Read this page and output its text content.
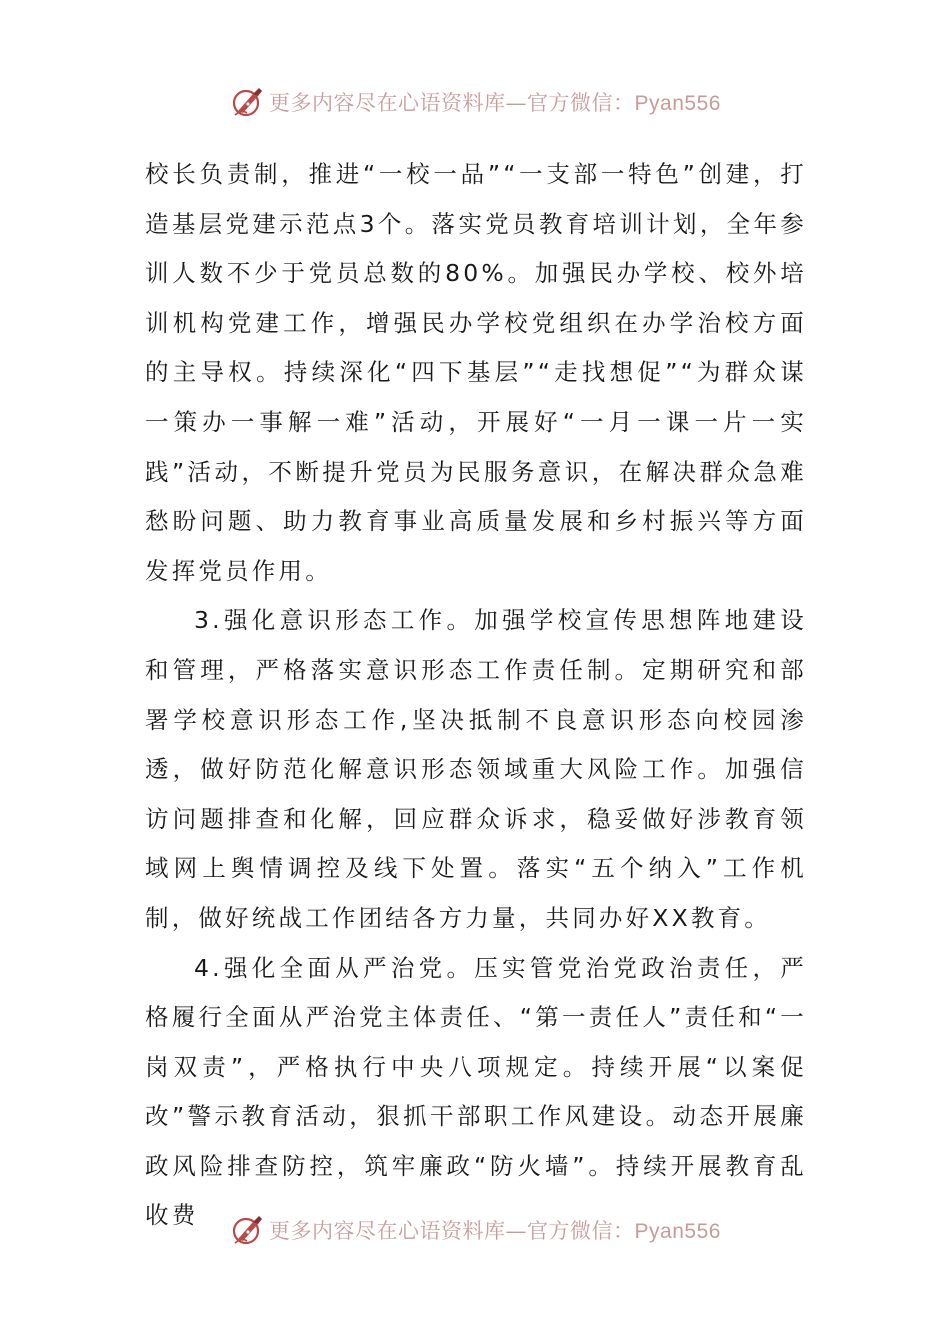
更多内容尽在心语资料库—官方微信：Pyan556

校长负责制，推进“一校一品”“一支部一特色”创建，打造基层党建示范点3个。落实党员教育培训计划，全年参训人数不少于党员总数的80%。加强民办学校、校外培训机构党建工作，增强民办学校党组织在办学治校方面的主导权。持续深化“四下基层”“走找想促”“为群众谋一策办一事解一难”活动，开展好“一月一课一片一实践”活动，不断提升党员为民服务意识，在解决群众急难愁盼问题、助力教育事业高质量发展和乡村振兴等方面发挥党员作用。

3.强化意识形态工作。加强学校宣传思想阵地建设和管理，严格落实意识形态工作责任制。定期研究和部署学校意识形态工作,坚决抵制不良意识形态向校园渗透，做好防范化解意识形态领域重大风险工作。加强信访问题排查和化解，回应群众诉求，稳妥做好涉教育领域网上舆情调控及线下处置。落实“五个纳入”工作机制，做好统战工作团结各方力量，共同办好XX教育。

4.强化全面从严治党。压实管党治党政治责任，严格履行全面从严治党主体责任、“第一责任人”责任和“一岗双责”，严格执行中央八项规定。持续开展“以案促改”警示教育活动，狠抓干部职工作风建设。动态开展廉政风险排查防控，筑牢廉政“防火墙”。持续开展教育乱收费

更多内容尽在心语资料库—官方微信：Pyan556
